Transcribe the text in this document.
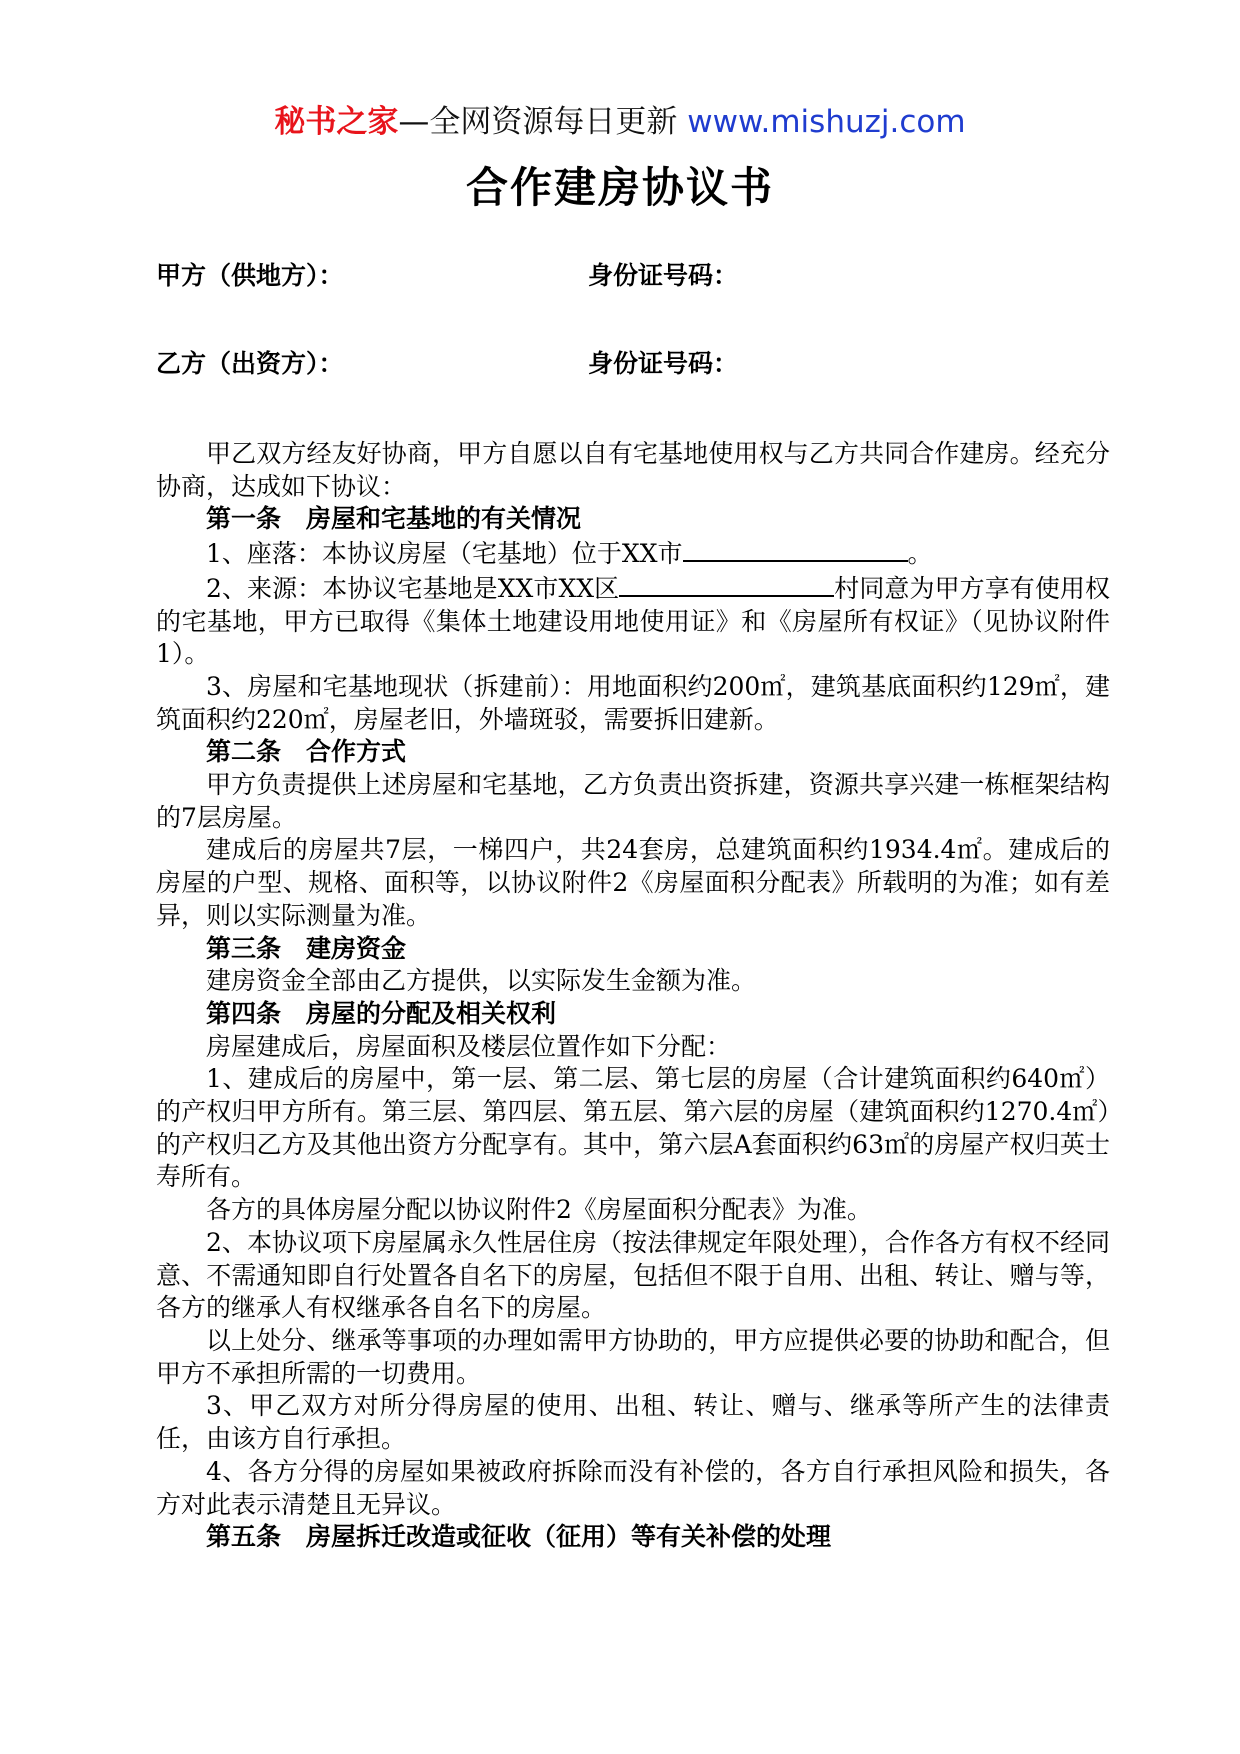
秘书之家—全网资源每日更新 www.mishuzj.com
合作建房协议书
甲方（供地方）：	身份证号码：
乙方（出资方）：	身份证号码：

甲乙双方经友好协商，甲方自愿以自有宅基地使用权与乙方共同合作建房。经充分协商，达成如下协议：

第一条　房屋和宅基地的有关情况

1、座落：本协议房屋（宅基地）位于XX市	。

2、来源：本协议宅基地是XX市XX区	村同意为甲方享有使用权的宅基地，甲方已取得《集体土地建设用地使用证》和《房屋所有权证》（见协议附件1）。

3、房屋和宅基地现状（拆建前）：用地面积约200㎡，建筑基底面积约129㎡，建筑面积约220㎡，房屋老旧，外墙斑驳，需要拆旧建新。

第二条　合作方式

甲方负责提供上述房屋和宅基地，乙方负责出资拆建，资源共享兴建一栋框架结构的7层房屋。

建成后的房屋共7层，一梯四户，共24套房，总建筑面积约1934.4㎡。建成后的房屋的户型、规格、面积等，以协议附件2《房屋面积分配表》所载明的为准；如有差异，则以实际测量为准。

第三条　建房资金

建房资金全部由乙方提供，以实际发生金额为准。

第四条　房屋的分配及相关权利

房屋建成后，房屋面积及楼层位置作如下分配：

1、建成后的房屋中，第一层、第二层、第七层的房屋（合计建筑面积约640㎡）的产权归甲方所有。第三层、第四层、第五层、第六层的房屋（建筑面积约1270.4㎡）的产权归乙方及其他出资方分配享有。其中，第六层A套面积约63㎡的房屋产权归英士寿所有。

各方的具体房屋分配以协议附件2《房屋面积分配表》为准。

2、本协议项下房屋属永久性居住房（按法律规定年限处理），合作各方有权不经同意、不需通知即自行处置各自名下的房屋，包括但不限于自用、出租、转让、赠与等，各方的继承人有权继承各自名下的房屋。

以上处分、继承等事项的办理如需甲方协助的，甲方应提供必要的协助和配合，但甲方不承担所需的一切费用。

3、甲乙双方对所分得房屋的使用、出租、转让、赠与、继承等所产生的法律责任，由该方自行承担。

4、各方分得的房屋如果被政府拆除而没有补偿的，各方自行承担风险和损失，各方对此表示清楚且无异议。

第五条　房屋拆迁改造或征收（征用）等有关补偿的处理
